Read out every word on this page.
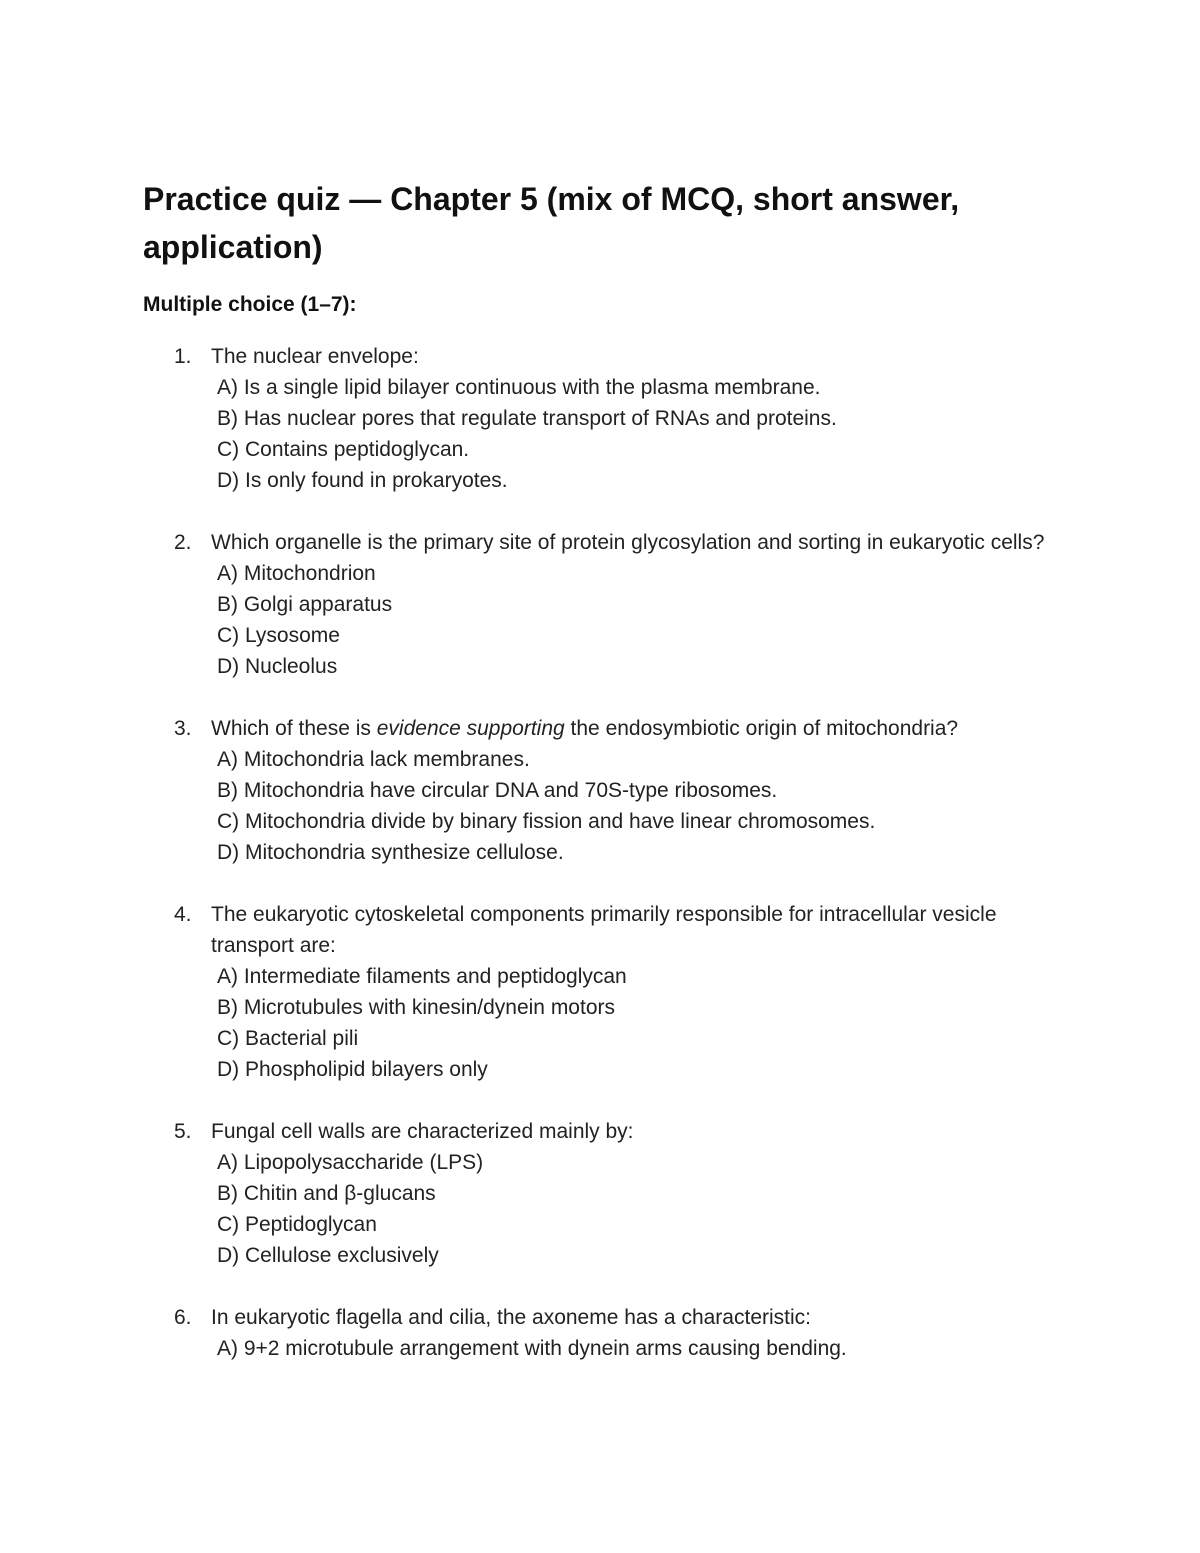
Practice quiz — Chapter 5 (mix of MCQ, short answer, application)
Multiple choice (1–7):
1. The nuclear envelope:
A) Is a single lipid bilayer continuous with the plasma membrane.
B) Has nuclear pores that regulate transport of RNAs and proteins.
C) Contains peptidoglycan.
D) Is only found in prokaryotes.
2. Which organelle is the primary site of protein glycosylation and sorting in eukaryotic cells?
A) Mitochondrion
B) Golgi apparatus
C) Lysosome
D) Nucleolus
3. Which of these is evidence supporting the endosymbiotic origin of mitochondria?
A) Mitochondria lack membranes.
B) Mitochondria have circular DNA and 70S-type ribosomes.
C) Mitochondria divide by binary fission and have linear chromosomes.
D) Mitochondria synthesize cellulose.
4. The eukaryotic cytoskeletal components primarily responsible for intracellular vesicle transport are:
A) Intermediate filaments and peptidoglycan
B) Microtubules with kinesin/dynein motors
C) Bacterial pili
D) Phospholipid bilayers only
5. Fungal cell walls are characterized mainly by:
A) Lipopolysaccharide (LPS)
B) Chitin and β-glucans
C) Peptidoglycan
D) Cellulose exclusively
6. In eukaryotic flagella and cilia, the axoneme has a characteristic:
A) 9+2 microtubule arrangement with dynein arms causing bending.
